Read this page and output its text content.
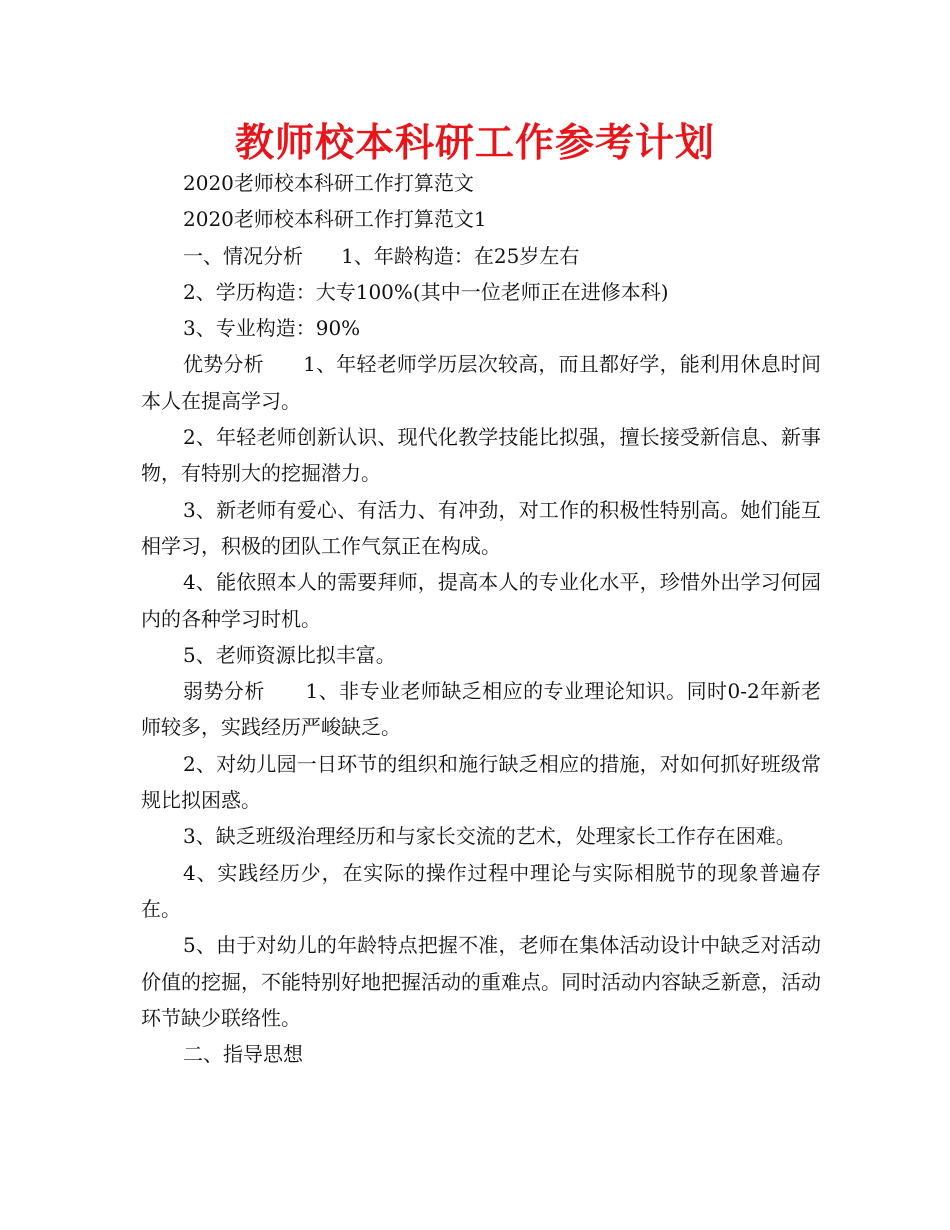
教师校本科研工作参考计划

2020老师校本科研工作打算范文

2020老师校本科研工作打算范文1

一、情况分析      1、年龄构造：在25岁左右

2、学历构造：大专100%(其中一位老师正在进修本科)

3、专业构造：90%

优势分析      1、年轻老师学历层次较高，而且都好学，能利用休息时间本人在提高学习。

2、年轻老师创新认识、现代化教学技能比拟强，擅长接受新信息、新事物，有特别大的挖掘潜力。

3、新老师有爱心、有活力、有冲劲，对工作的积极性特别高。她们能互相学习，积极的团队工作气氛正在构成。

4、能依照本人的需要拜师，提高本人的专业化水平，珍惜外出学习何园内的各种学习时机。

5、老师资源比拟丰富。

弱势分析      1、非专业老师缺乏相应的专业理论知识。同时0-2年新老师较多，实践经历严峻缺乏。

2、对幼儿园一日环节的组织和施行缺乏相应的措施，对如何抓好班级常规比拟困惑。

3、缺乏班级治理经历和与家长交流的艺术，处理家长工作存在困难。

4、实践经历少，在实际的操作过程中理论与实际相脱节的现象普遍存在。

5、由于对幼儿的年龄特点把握不准，老师在集体活动设计中缺乏对活动价值的挖掘，不能特别好地把握活动的重难点。同时活动内容缺乏新意，活动环节缺少联络性。

二、指导思想
